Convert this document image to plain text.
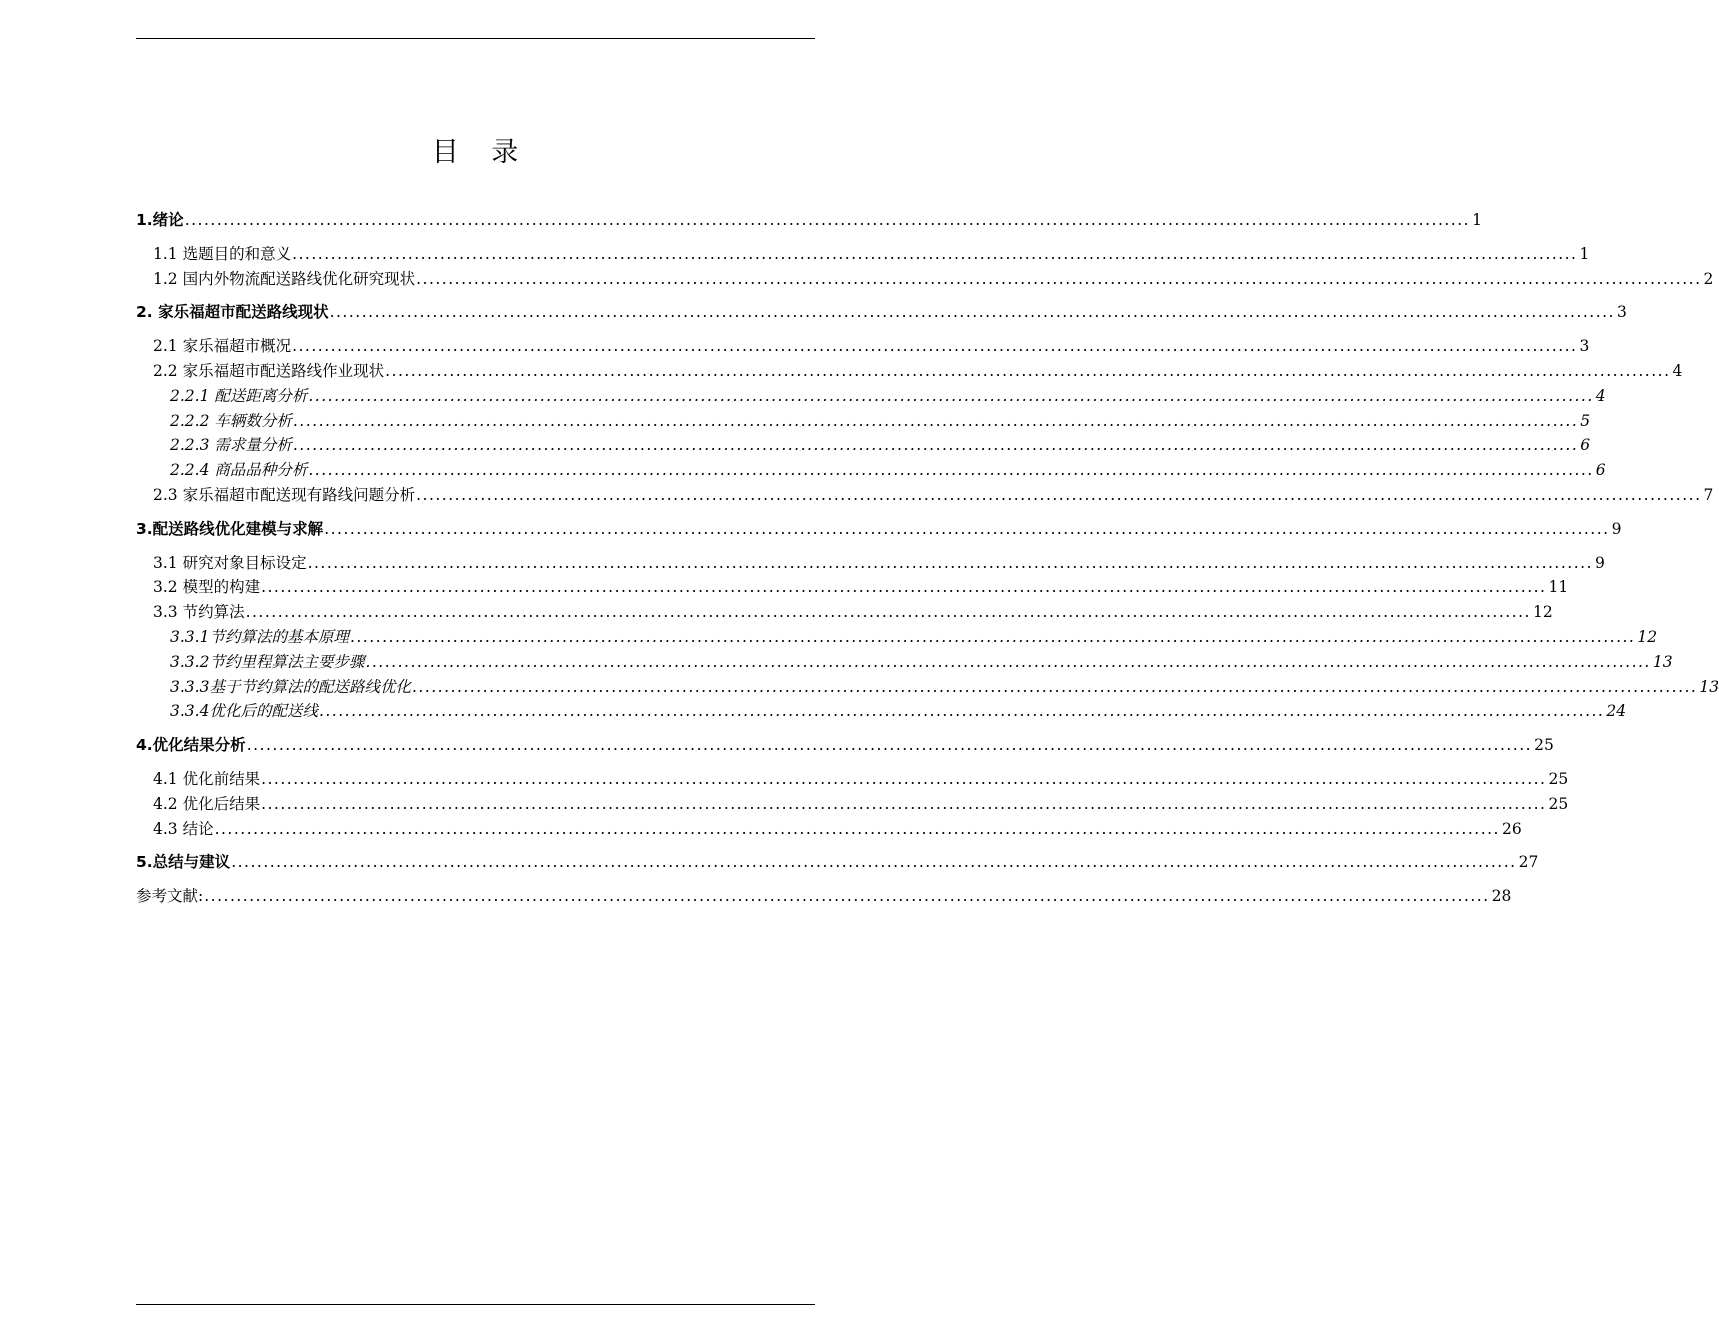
目 录
1.绪论 ........................................................................................................................................................................................................ 1
1.1 选题目的和意义 ........................................................................................................................................................................................................ 1
1.2 国内外物流配送路线优化研究现状 ........................................................................................................................................................................................................ 2
2. 家乐福超市配送路线现状 ........................................................................................................................................................................................................ 3
2.1 家乐福超市概况 ........................................................................................................................................................................................................ 3
2.2 家乐福超市配送路线作业现状 ........................................................................................................................................................................................................ 4
2.2.1 配送距离分析 ........................................................................................................................................................................................................ 4
2.2.2 车辆数分析 ........................................................................................................................................................................................................ 5
2.2.3 需求量分析 ........................................................................................................................................................................................................ 6
2.2.4 商品品种分析 ........................................................................................................................................................................................................ 6
2.3 家乐福超市配送现有路线问题分析 ........................................................................................................................................................................................................ 7
3.配送路线优化建模与求解 ........................................................................................................................................................................................................ 9
3.1 研究对象目标设定 ........................................................................................................................................................................................................ 9
3.2 模型的构建 ........................................................................................................................................................................................................ 11
3.3 节约算法 ........................................................................................................................................................................................................ 12
3.3.1节约算法的基本原理 ........................................................................................................................................................................................................ 12
3.3.2节约里程算法主要步骤 ........................................................................................................................................................................................................ 13
3.3.3基于节约算法的配送路线优化 ........................................................................................................................................................................................................ 13
3.3.4优化后的配送线 ........................................................................................................................................................................................................ 24
4.优化结果分析 ........................................................................................................................................................................................................ 25
4.1 优化前结果 ........................................................................................................................................................................................................ 25
4.2 优化后结果 ........................................................................................................................................................................................................ 25
4.3 结论 ........................................................................................................................................................................................................ 26
5.总结与建议 ........................................................................................................................................................................................................ 27
参考文献: ........................................................................................................................................................................................................ 28
